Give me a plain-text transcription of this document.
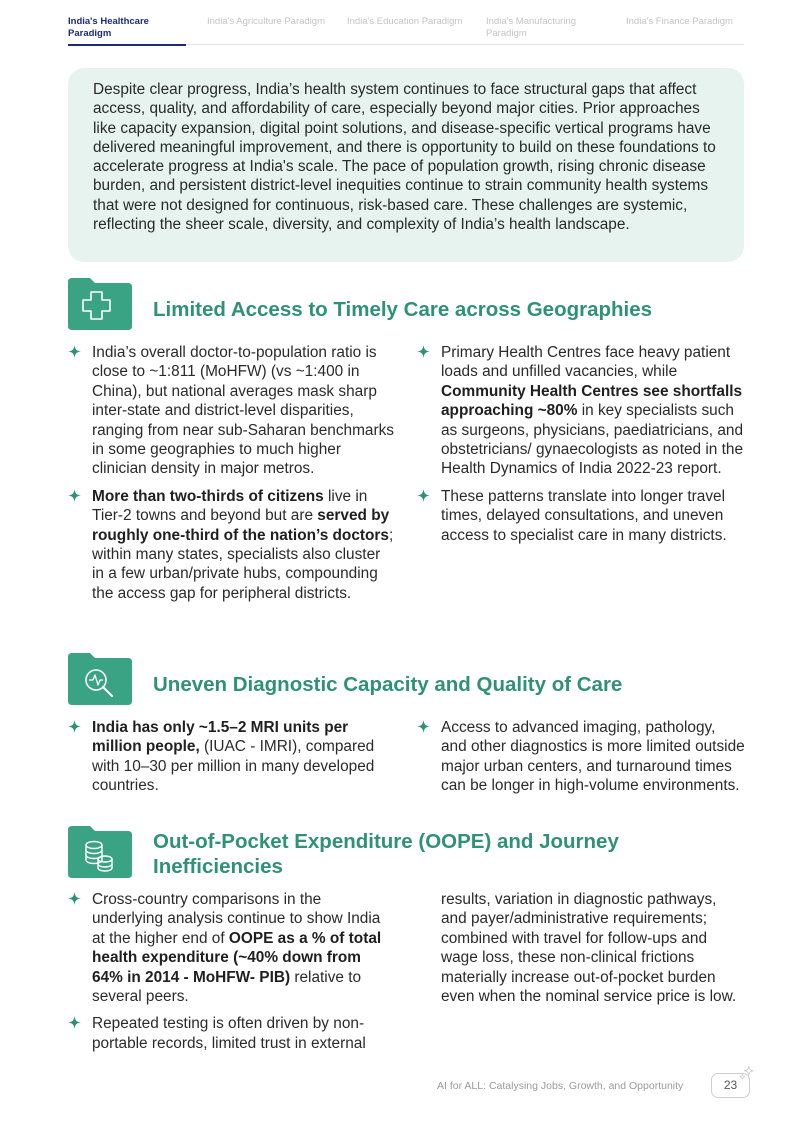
India's Healthcare Paradigm
India's Agriculture Paradigm India's Education Paradigm India's Manufacturing Paradigm
India's Finance Paradigm

Despite clear progress, India’s health system continues to face structural gaps that affect access, quality, and affordability of care, especially beyond major cities. Prior approaches like capacity expansion, digital point solutions, and disease-specific vertical programs have delivered meaningful improvement, and there is opportunity to build on these foundations to accelerate progress at India's scale. The pace of population growth, rising chronic disease burden, and persistent district-level inequities continue to strain community health systems that were not designed for continuous, risk-based care. These challenges are systemic, reflecting the sheer scale, diversity, and complexity of India’s health landscape.

Limited Access to Timely Care across Geographies
India’s overall doctor-to-population ratio is close to ~1:811 (MoHFW) (vs ~1:400 in China), but national averages mask sharp inter-state and district-level disparities, ranging from near sub-Saharan benchmarks in some geographies to much higher clinician density in major metros.
More than two-thirds of citizens live in Tier-2 towns and beyond but are served by roughly one-third of the nation’s doctors; within many states, specialists also cluster in a few urban/private hubs, compounding the access gap for peripheral districts.
Primary Health Centres face heavy patient loads and unfilled vacancies, while Community Health Centres see shortfalls approaching ~80% in key specialists such as surgeons, physicians, paediatricians, and obstetricians/ gynaecologists as noted in the Health Dynamics of India 2022-23 report.
These patterns translate into longer travel times, delayed consultations, and uneven access to specialist care in many districts.
Uneven Diagnostic Capacity and Quality of Care
India has only ~1.5–2 MRI units per million people, (IUAC - IMRI), compared with 10–30 per million in many developed countries.
Access to advanced imaging, pathology, and other diagnostics is more limited outside major urban centers, and turnaround times can be longer in high-volume environments.
Out-of-Pocket Expenditure (OOPE) and Journey Inefficiencies
Cross-country comparisons in the underlying analysis continue to show India at the higher end of OOPE as a % of total health expenditure (~40% down from 64% in 2014 - MoHFW- PIB) relative to several peers.
Repeated testing is often driven by non-portable records, limited trust in external
results, variation in diagnostic pathways, and payer/administrative requirements; combined with travel for follow-ups and wage loss, these non-clinical frictions materially increase out-of-pocket burden even when the nominal service price is low.
AI for ALL: Catalysing Jobs, Growth, and Opportunity	23
